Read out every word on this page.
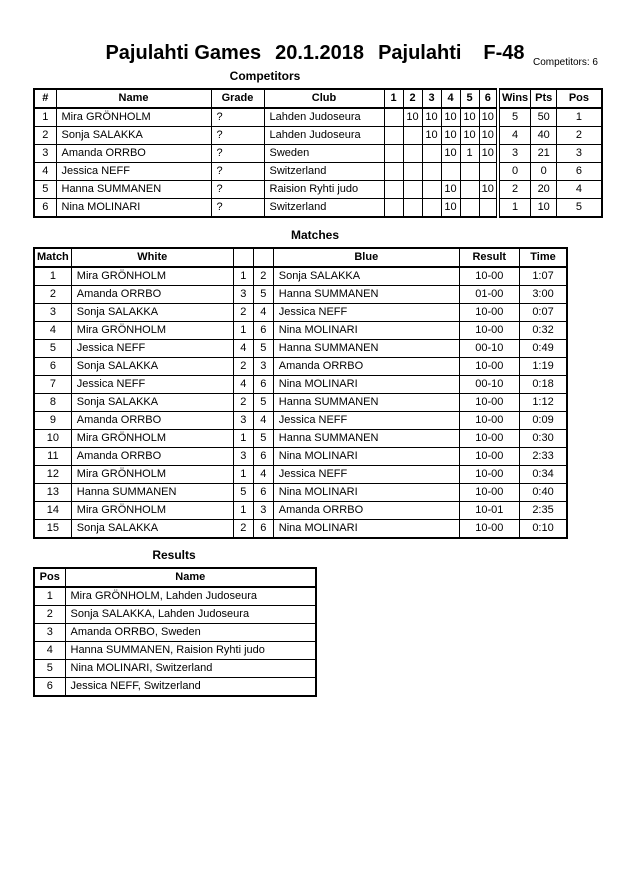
Pajulahti Games 20.1.2018 Pajulahti F-48 Competitors: 6
Competitors
#	Name	Grade	Club	1	2	3	4	5	6	Wins	Pts	Pos
1	Mira GRÖNHOLM	?	Lahden Judoseura		10	10	10	10	10	5	50	1
2	Sonja SALAKKA	?	Lahden Judoseura			10	10	10	10	4	40	2
3	Amanda ORRBO	?	Sweden				10	1	10	3	21	3
4	Jessica NEFF	?	Switzerland							0	0	6
5	Hanna SUMMANEN	?	Raision Ryhti judo				10		10	2	20	4
6	Nina MOLINARI	?	Switzerland				10			1	10	5
Matches
Match	White			Blue	Result	Time
1	Mira GRÖNHOLM	1	2	Sonja SALAKKA	10-00	1:07
2	Amanda ORRBO	3	5	Hanna SUMMANEN	01-00	3:00
3	Sonja SALAKKA	2	4	Jessica NEFF	10-00	0:07
4	Mira GRÖNHOLM	1	6	Nina MOLINARI	10-00	0:32
5	Jessica NEFF	4	5	Hanna SUMMANEN	00-10	0:49
6	Sonja SALAKKA	2	3	Amanda ORRBO	10-00	1:19
7	Jessica NEFF	4	6	Nina MOLINARI	00-10	0:18
8	Sonja SALAKKA	2	5	Hanna SUMMANEN	10-00	1:12
9	Amanda ORRBO	3	4	Jessica NEFF	10-00	0:09
10	Mira GRÖNHOLM	1	5	Hanna SUMMANEN	10-00	0:30
11	Amanda ORRBO	3	6	Nina MOLINARI	10-00	2:33
12	Mira GRÖNHOLM	1	4	Jessica NEFF	10-00	0:34
13	Hanna SUMMANEN	5	6	Nina MOLINARI	10-00	0:40
14	Mira GRÖNHOLM	1	3	Amanda ORRBO	10-01	2:35
15	Sonja SALAKKA	2	6	Nina MOLINARI	10-00	0:10
Results
Pos	Name
1	Mira GRÖNHOLM, Lahden Judoseura
2	Sonja SALAKKA, Lahden Judoseura
3	Amanda ORRBO, Sweden
4	Hanna SUMMANEN, Raision Ryhti judo
5	Nina MOLINARI, Switzerland
6	Jessica NEFF, Switzerland
